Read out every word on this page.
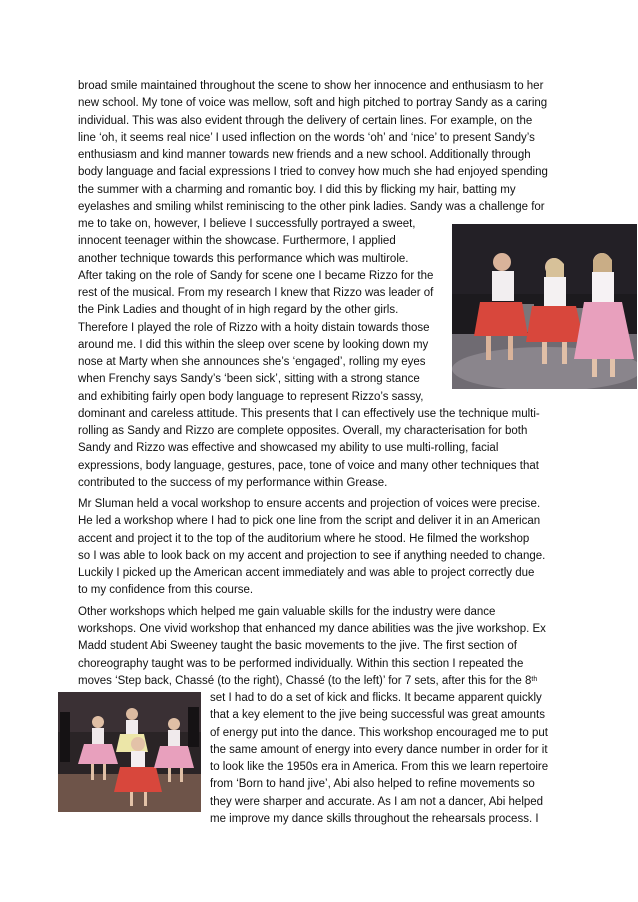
broad smile maintained throughout the scene to show her innocence and enthusiasm to her
new school. My tone of voice was mellow, soft and high pitched to portray Sandy as a caring
individual. This was also evident through the delivery of certain lines. For example, on the
line ‘oh, it seems real nice’ I used inflection on the words ‘oh’ and ‘nice’ to present Sandy’s
enthusiasm and kind manner towards new friends and a new school. Additionally through
body language and facial expressions I tried to convey how much she had enjoyed spending
the summer with a charming and romantic boy. I did this by flicking my hair, batting my
eyelashes and smiling whilst reminiscing to the other pink ladies. Sandy was a challenge for
me to take on, however, I believe I successfully portrayed a sweet,
innocent teenager within the showcase. Furthermore, I applied
another technique towards this performance which was multirole.
After taking on the role of Sandy for scene one I became Rizzo for the
rest of the musical. From my research I knew that Rizzo was leader of
the Pink Ladies and thought of in high regard by the other girls.
Therefore I played the role of Rizzo with a hoity distain towards those
around me. I did this within the sleep over scene by looking down my
nose at Marty when she announces she’s ‘engaged’, rolling my eyes
when Frenchy says Sandy’s ‘been sick’, sitting with a strong stance
and exhibiting fairly open body language to represent Rizzo’s sassy,
dominant and careless attitude. This presents that I can effectively use the technique multi-
rolling as Sandy and Rizzo are complete opposites. Overall, my characterisation for both
Sandy and Rizzo was effective and showcased my ability to use multi-rolling, facial
expressions, body language, gestures, pace, tone of voice and many other techniques that
contributed to the success of my performance within Grease.
Mr Sluman held a vocal workshop to ensure accents and projection of voices were precise.
He led a workshop where I had to pick one line from the script and deliver it in an American
accent and project it to the top of the auditorium where he stood. He filmed the workshop
so I was able to look back on my accent and projection to see if anything needed to change.
Luckily I picked up the American accent immediately and was able to project correctly due
to my confidence from this course.
Other workshops which helped me gain valuable skills for the industry were dance
workshops. One vivid workshop that enhanced my dance abilities was the jive workshop. Ex
Madd student Abi Sweeney taught the basic movements to the jive. The first section of
choreography taught was to be performed individually. Within this section I repeated the
moves ‘Step back, Chassé (to the right), Chassé (to the left)’ for 7 sets, after this for the 8th
set I had to do a set of kick and flicks. It became apparent quickly
that a key element to the jive being successful was great amounts
of energy put into the dance. This workshop encouraged me to put
the same amount of energy into every dance number in order for it
to look like the 1950s era in America. From this we learn repertoire
from ‘Born to hand jive’, Abi also helped to refine movements so
they were sharper and accurate. As I am not a dancer, Abi helped
me improve my dance skills throughout the rehearsals process. I
